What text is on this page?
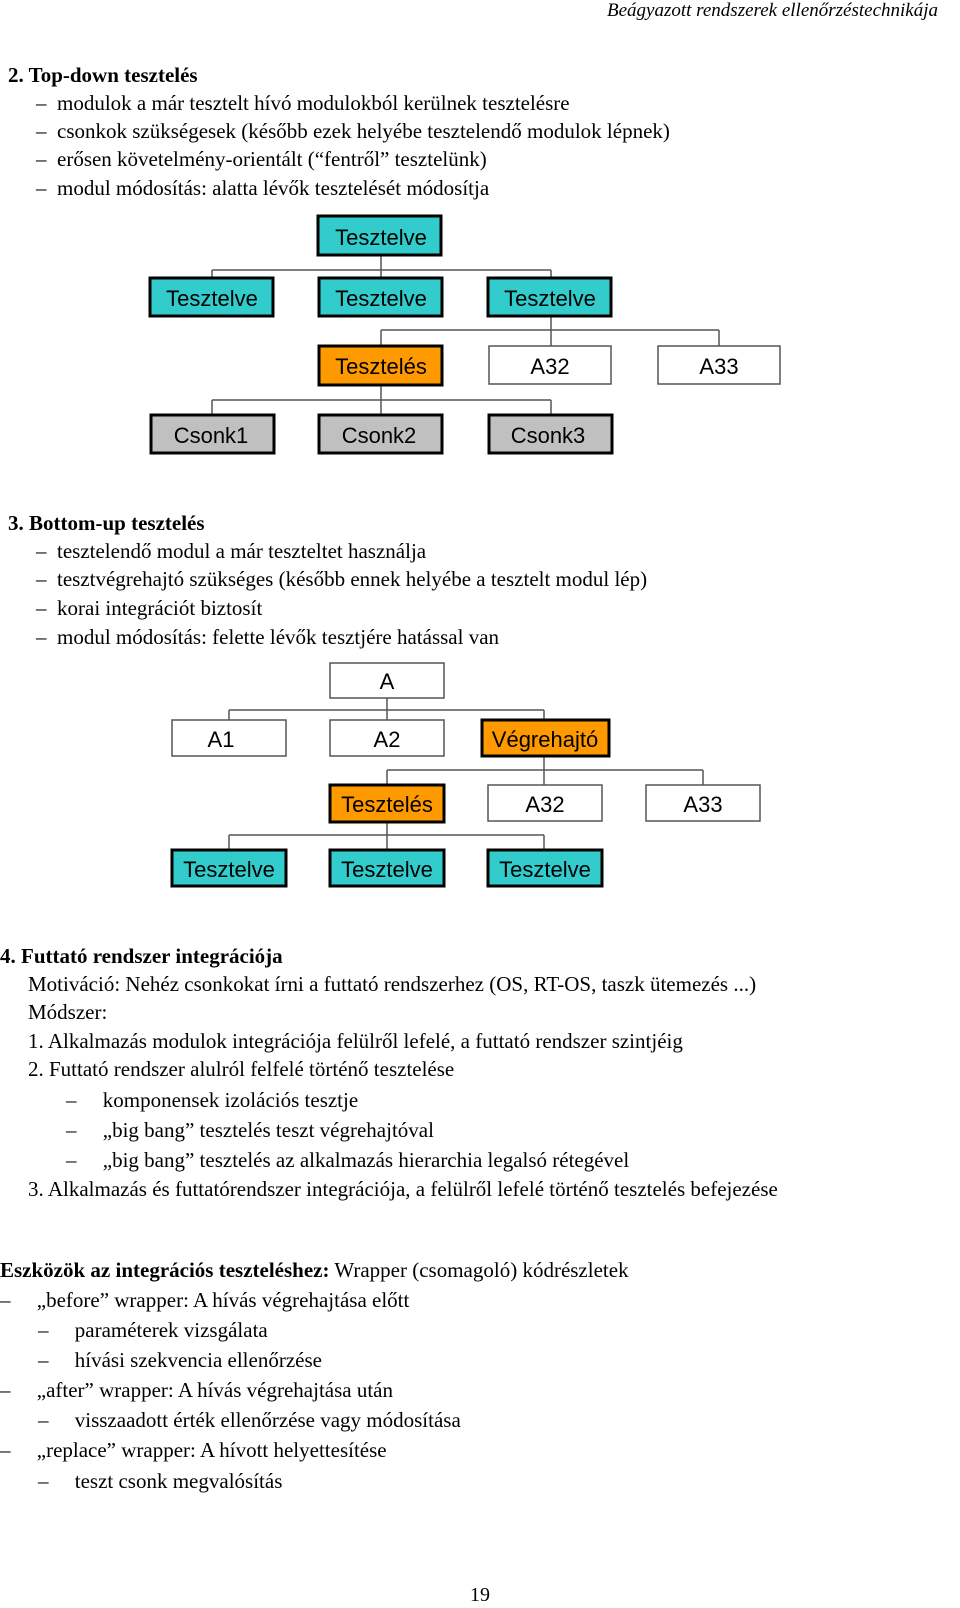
Beágyazott rendszerek ellenőrzéstechnikája
2. Top-down tesztelés
–  modulok a már tesztelt hívó modulokból kerülnek tesztelésre
–  csonkok szükségesek (később ezek helyébe tesztelendő modulok lépnek)
–  erősen követelmény-orientált (“fentről” tesztelünk)
–  modul módosítás: alatta lévők tesztelését módosítja
Tesztelve
Tesztelve	Tesztelve	Tesztelve
Tesztelés	A32	A33
Csonk1	Csonk2	Csonk3
A
A1	A2	Végrehajtó
Tesztelés	A32	A33
Tesztelve	Tesztelve	Tesztelve
3. Bottom-up tesztelés
–  tesztelendő modul a már teszteltet használja
–  tesztvégrehajtó szükséges (később ennek helyébe a tesztelt modul lép)
–  korai integrációt biztosít
–  modul módosítás: felette lévők tesztjére hatással van
4. Futtató rendszer integrációja
Motiváció: Nehéz csonkokat írni a futtató rendszerhez (OS, RT-OS, taszk ütemezés ...)
Módszer:
1. Alkalmazás modulok integrációja felülről lefelé, a futtató rendszer szintjéig
2. Futtató rendszer alulról felfelé történő tesztelése
–     komponensek izolációs tesztje
–     „big bang” tesztelés teszt végrehajtóval
–     „big bang” tesztelés az alkalmazás hierarchia legalsó rétegével
3. Alkalmazás és futtatórendszer integrációja, a felülről lefelé történő tesztelés befejezése
Eszközök az integrációs teszteléshez: Wrapper (csomagoló) kódrészletek
–     „before” wrapper: A hívás végrehajtása előtt
–     paraméterek vizsgálata
–     hívási szekvencia ellenőrzése
–     „after” wrapper: A hívás végrehajtása után
–     visszaadott érték ellenőrzése vagy módosítása
–     „replace” wrapper: A hívott helyettesítése
–     teszt csonk megvalósítás
19
